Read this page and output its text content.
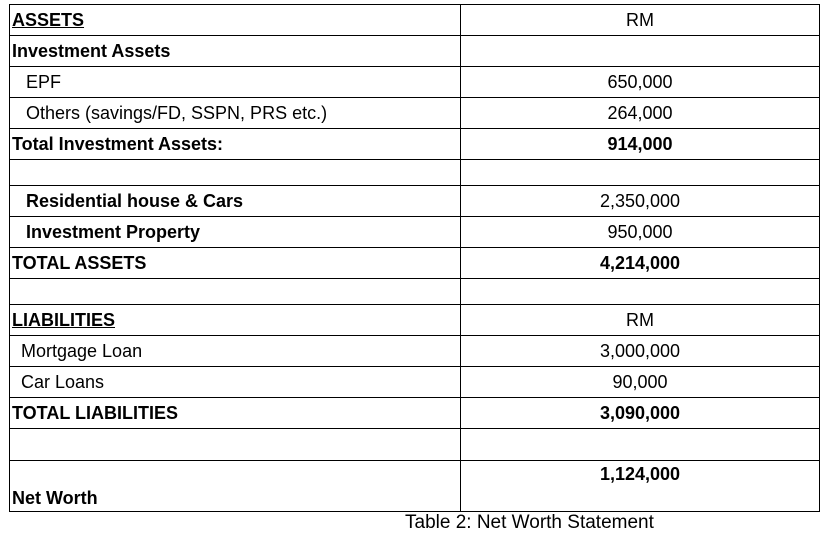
ASSETS	RM
Investment Assets	
EPF	650,000
Others (savings/FD, SSPN, PRS etc.)	264,000
Total Investment Assets:	914,000

Residential house & Cars	2,350,000
Investment Property	950,000
TOTAL ASSETS	4,214,000

LIABILITIES	RM
Mortgage Loan	3,000,000
Car Loans	90,000
TOTAL LIABILITIES	3,090,000

Net Worth	1,124,000
Table 2: Net Worth Statement
